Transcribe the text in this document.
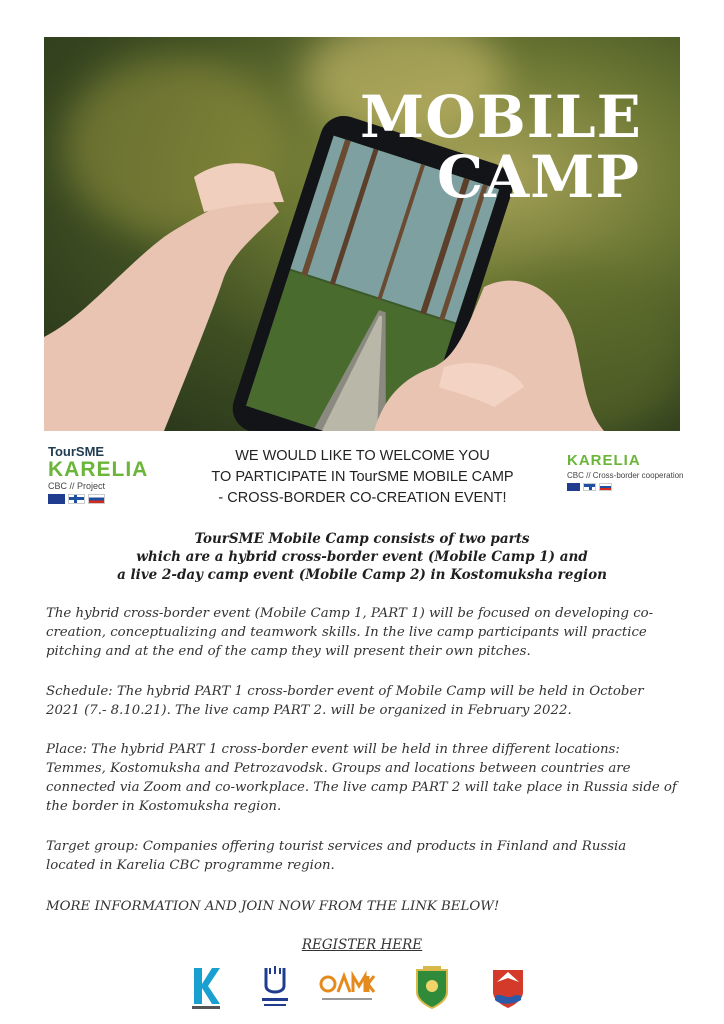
MOBILE
CAMP
TourSME
KARELIA
CBC // Project
WE WOULD LIKE TO WELCOME YOU
TO PARTICIPATE IN TourSME MOBILE CAMP
- CROSS-BORDER CO-CREATION EVENT!
KARELIA
CBC // Cross-border cooperation
TourSME Mobile Camp consists of two parts
which are a hybrid cross-border event (Mobile Camp 1) and
a live 2-day camp event (Mobile Camp 2) in Kostomuksha region

The hybrid cross-border event (Mobile Camp 1, PART 1) will be focused on developing co-creation, conceptualizing and teamwork skills. In the live camp participants will practice pitching and at the end of the camp they will present their own pitches.

Schedule: The hybrid PART 1 cross-border event of Mobile Camp will be held in October 2021 (7.- 8.10.21). The live camp PART 2. will be organized in February 2022.

Place: The hybrid PART 1 cross-border event will be held in three different locations: Temmes, Kostomuksha and Petrozavodsk. Groups and locations between countries are connected via Zoom and co-workplace. The live camp PART 2 will take place in Russia side of the border in Kostomuksha region.

Target group: Companies offering tourist services and products in Finland and Russia located in Karelia CBC programme region.

MORE INFORMATION AND JOIN NOW FROM THE LINK BELOW!

REGISTER HERE
